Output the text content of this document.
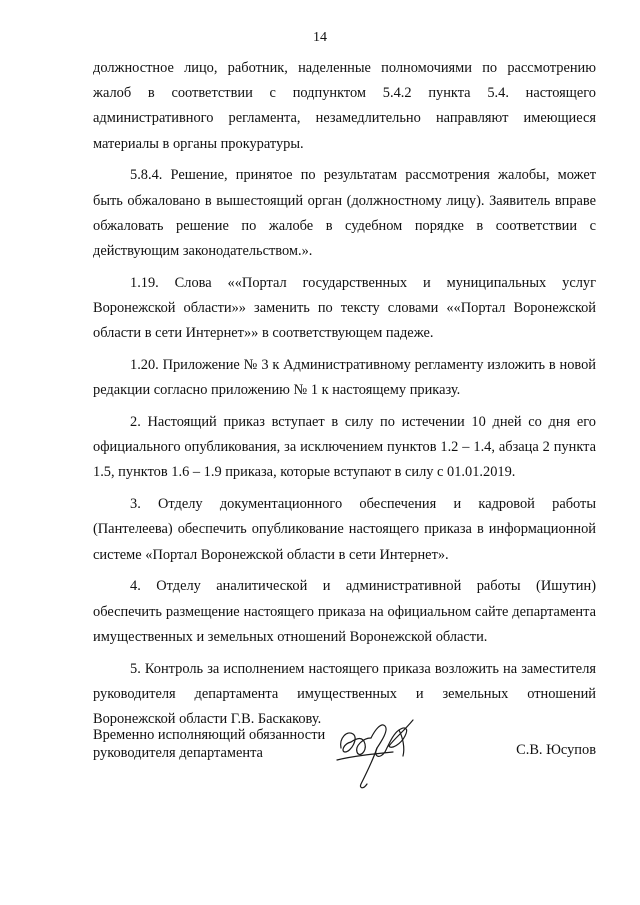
14

должностное лицо, работник, наделенные полномочиями по рассмотрению жалоб в соответствии с подпунктом 5.4.2 пункта 5.4. настоящего административного регламента, незамедлительно направляют имеющиеся материалы в органы прокуратуры.

5.8.4. Решение, принятое по результатам рассмотрения жалобы, может быть обжаловано в вышестоящий орган (должностному лицу). Заявитель вправе обжаловать решение по жалобе в судебном порядке в соответствии с действующим законодательством.».

1.19. Слова ««Портал государственных и муниципальных услуг Воронежской области»» заменить по тексту словами ««Портал Воронежской области в сети Интернет»» в соответствующем падеже.

1.20. Приложение № 3 к Административному регламенту изложить в новой редакции согласно приложению № 1 к настоящему приказу.

2. Настоящий приказ вступает в силу по истечении 10 дней со дня его официального опубликования, за исключением пунктов 1.2 – 1.4, абзаца 2 пункта 1.5, пунктов 1.6 – 1.9 приказа, которые вступают в силу с 01.01.2019.

3. Отделу документационного обеспечения и кадровой работы (Пантелеева) обеспечить опубликование настоящего приказа в информационной системе «Портал Воронежской области в сети Интернет».

4. Отделу аналитической и административной работы (Ишутин) обеспечить размещение настоящего приказа на официальном сайте департамента имущественных и земельных отношений Воронежской области.

5. Контроль за исполнением настоящего приказа возложить на заместителя руководителя департамента имущественных и земельных отношений Воронежской области Г.В. Баскакову.

Временно исполняющий обязанности
руководителя департамента	С.В. Юсупов
